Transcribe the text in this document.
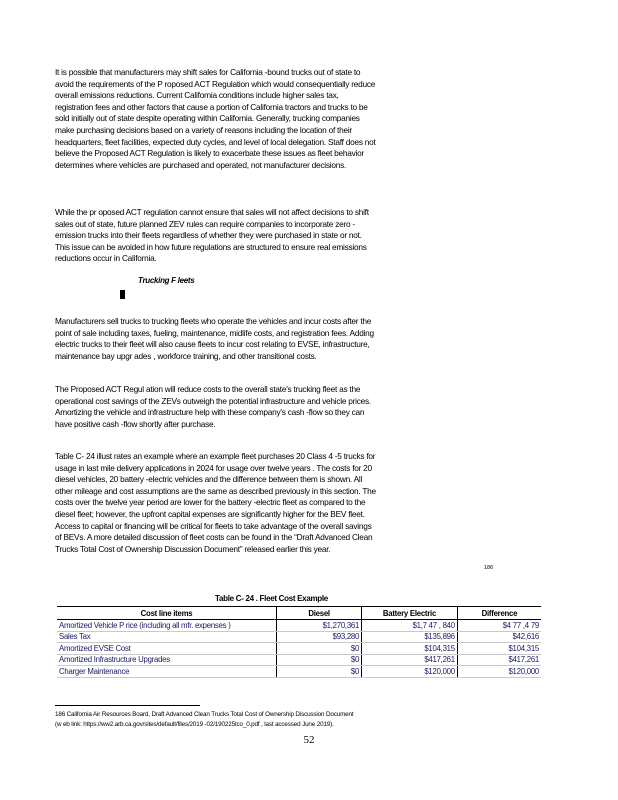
It is possible that manufacturers may shift sales for California -bound trucks out of state to
avoid the requirements of the P roposed ACT Regulation which would consequentially reduce
overall emissions reductions. Current California conditions include higher sales tax,
registration fees and other factors that cause a portion of California tractors and trucks to be
sold initially out of state despite operating within California. Generally, trucking companies
make purchasing decisions based on a variety of reasons including the location of their
headquarters, fleet facilities, expected duty cycles, and level of local delegation. Staff does not
believe the Proposed ACT Regulation is likely to exacerbate these issues as fleet behavior
determines where vehicles are purchased and operated, not manufacturer decisions.
While the pr oposed ACT regulation cannot ensure that sales will not affect decisions to shift
sales out of state, future planned ZEV rules can require companies to incorporate zero -
emission trucks into their fleets regardless of whether they were purchased in state or not.
This issue can be avoided in how future regulations are structured to ensure real emissions
reductions occur in California.
Trucking F leets
Manufacturers sell trucks to trucking fleets who operate the vehicles and incur costs after the
point of sale including taxes, fueling, maintenance, midlife costs, and registration fees. Adding
electric trucks to their fleet will also cause fleets to incur cost relating to EVSE, infrastructure,
maintenance bay upgr ades , workforce training, and other transitional costs.
The Proposed ACT Regul ation will reduce costs to the overall state's trucking fleet as the
operational cost savings of the ZEVs outweigh the potential infrastructure and vehicle prices.
Amortizing the vehicle and infrastructure help with these company's cash -flow so they can
have positive cash -flow shortly after purchase.
Table C- 24 illust rates an example where an example fleet purchases 20 Class 4 -5 trucks for
usage in last mile delivery applications in 2024 for usage over twelve years . The costs for 20
diesel vehicles, 20 battery -electric vehicles and the difference between them is shown. All
other mileage and cost assumptions are the same as described previously in this section. The
costs over the twelve year period are lower for the battery -electric fleet as compared to the
diesel fleet; however, the upfront capital expenses are significantly higher for the BEV fleet.
Access to capital or financing will be critical for fleets to take advantage of the overall savings
of BEVs. A more detailed discussion of fleet costs can be found in the “Draft Advanced Clean
Trucks Total Cost of Ownership Discussion Document” released earlier this year.
186
Table C- 24 . Fleet Cost Example
Cost line items	Diesel	Battery Electric	Difference
Amortized Vehicle P rice (including all mfr. expenses )	$1,270,361	$1,7 47 , 840	$4 77 ,4 79
Sales Tax	$93,280	$135,896	$42,616
Amortized EVSE Cost	$0	$104,315	$104,315
Amortized Infrastructure Upgrades	$0	$417,261	$417,261
Charger Maintenance	$0	$120,000	$120,000
186 California Air Resources Board, Draft Advanced Clean Trucks Total Cost of Ownership Discussion Document
(w eb link: https://ww2.arb.ca.gov/sites/default/files/2019 -02/190225tco_0.pdf , last accessed June 2019).
52
